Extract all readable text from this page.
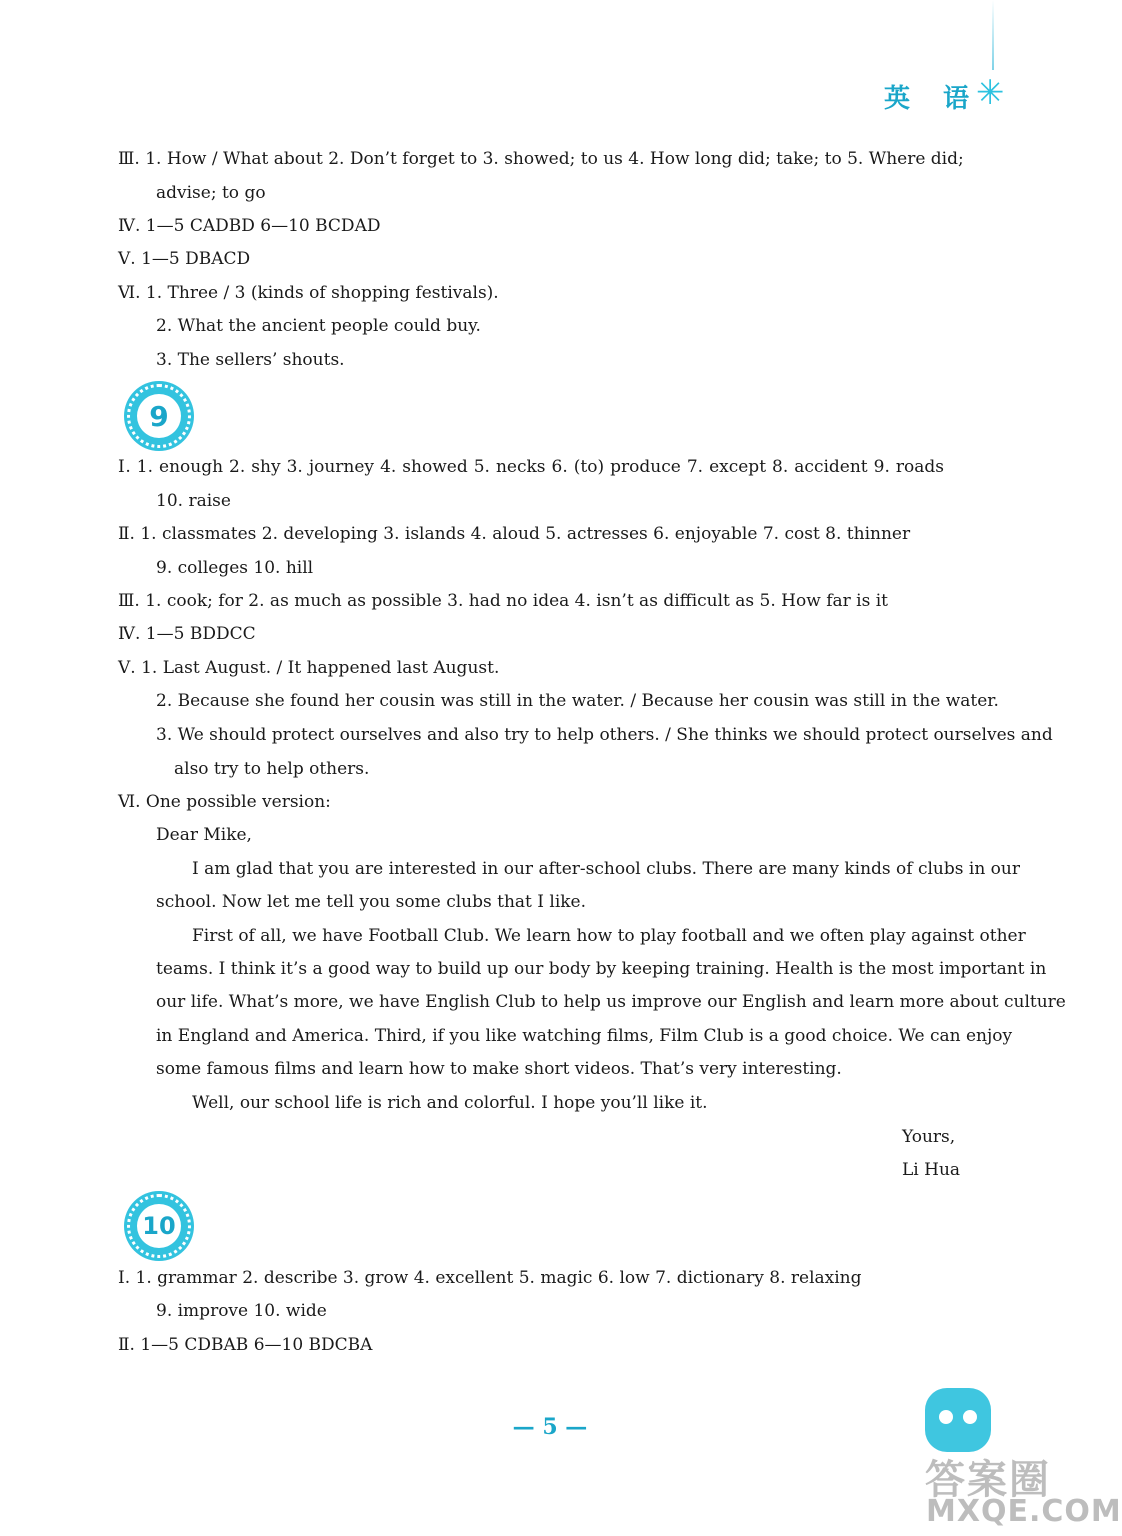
英 语
✳
Ⅲ. 1. How / What about 2. Don’t forget to 3. showed; to us 4. How long did; take; to 5. Where did;
advise; to go
Ⅳ. 1—5 CADBD 6—10 BCDAD
Ⅴ. 1—5 DBACD
Ⅵ. 1. Three / 3 (kinds of shopping festivals).
2. What the ancient people could buy.
3. The sellers’ shouts.
9
Ⅰ. 1. enough 2. shy 3. journey 4. showed 5. necks 6. (to) produce 7. except 8. accident 9. roads
10. raise
Ⅱ. 1. classmates 2. developing 3. islands 4. aloud 5. actresses 6. enjoyable 7. cost 8. thinner
9. colleges 10. hill
Ⅲ. 1. cook; for 2. as much as possible 3. had no idea 4. isn’t as difficult as 5. How far is it
Ⅳ. 1—5 BDDCC
Ⅴ. 1. Last August. / It happened last August.
2. Because she found her cousin was still in the water. / Because her cousin was still in the water.
3. We should protect ourselves and also try to help others. / She thinks we should protect ourselves and
also try to help others.
Ⅵ. One possible version:
Dear Mike,
I am glad that you are interested in our after-school clubs. There are many kinds of clubs in our
school. Now let me tell you some clubs that I like.
First of all, we have Football Club. We learn how to play football and we often play against other
teams. I think it’s a good way to build up our body by keeping training. Health is the most important in
our life. What’s more, we have English Club to help us improve our English and learn more about culture
in England and America. Third, if you like watching films, Film Club is a good choice. We can enjoy
some famous films and learn how to make short videos. That’s very interesting.
Well, our school life is rich and colorful. I hope you’ll like it.
Yours,
Li Hua
10
Ⅰ. 1. grammar 2. describe 3. grow 4. excellent 5. magic 6. low 7. dictionary 8. relaxing
9. improve 10. wide
Ⅱ. 1—5 CDBAB 6—10 BDCBA
— 5 —
答案圈
MXQE.COM
